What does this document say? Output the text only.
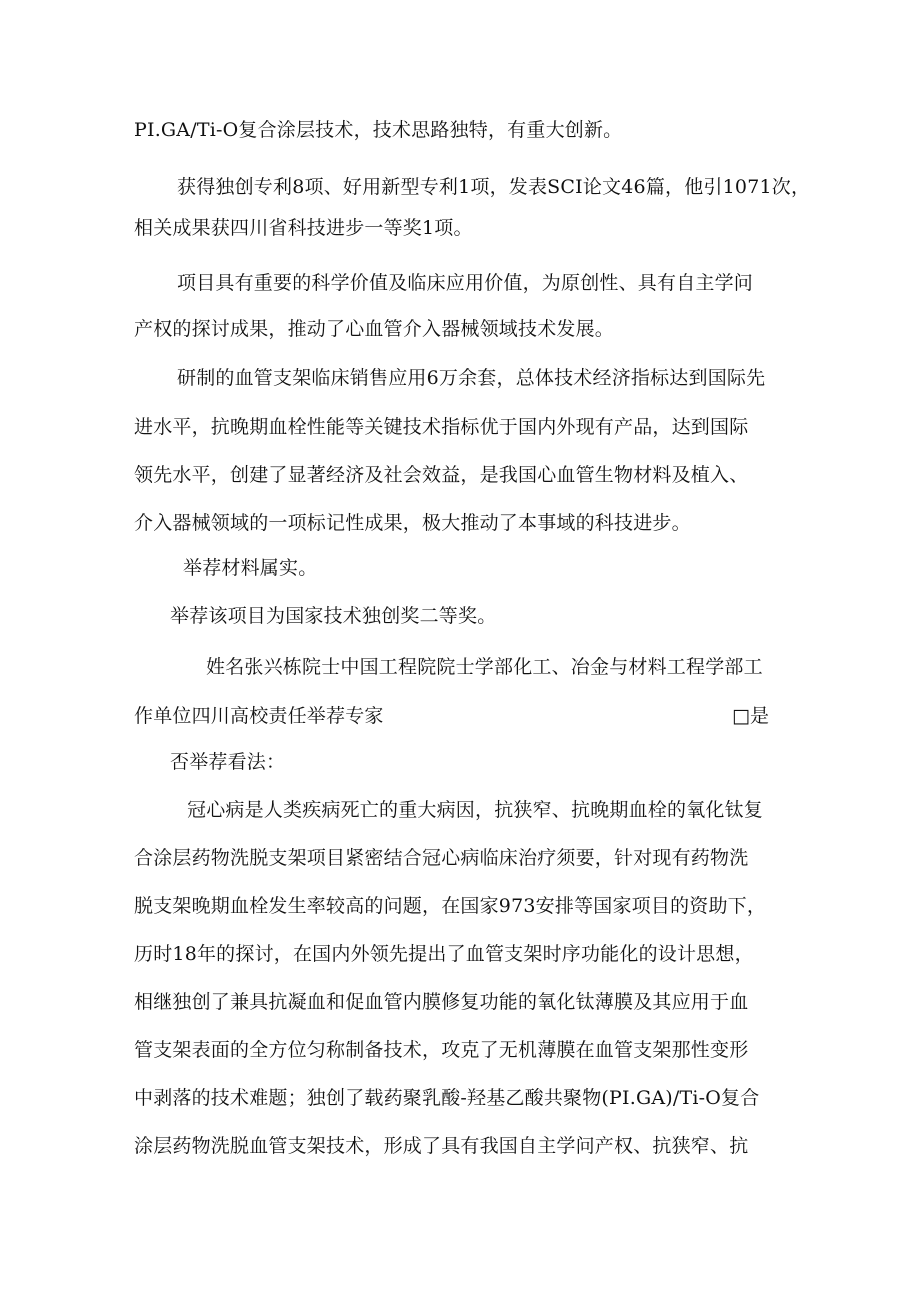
PI.GA/Ti-O复合涂层技术，技术思路独特，有重大创新。

获得独创专利8项、好用新型专利1项，发表SCI论文46篇，他引1071次，

相关成果获四川省科技进步一等奖1项。

项目具有重要的科学价值及临床应用价值，为原创性、具有自主学问

产权的探讨成果，推动了心血管介入器械领域技术发展。

研制的血管支架临床销售应用6万余套，总体技术经济指标达到国际先

进水平，抗晚期血栓性能等关键技术指标优于国内外现有产品，达到国际

领先水平，创建了显著经济及社会效益，是我国心血管生物材料及植入、

介入器械领域的一项标记性成果，极大推动了本事域的科技进步。

举荐材料属实。

举荐该项目为国家技术独创奖二等奖。

姓名张兴栋院士中国工程院院士学部化工、冶金与材料工程学部工

作单位四川高校责任举荐专家	□是

否举荐看法：

冠心病是人类疾病死亡的重大病因，抗狭窄、抗晚期血栓的氧化钛复

合涂层药物洗脱支架项目紧密结合冠心病临床治疗须要，针对现有药物洗

脱支架晚期血栓发生率较高的问题，在国家973安排等国家项目的资助下，

历时18年的探讨，在国内外领先提出了血管支架时序功能化的设计思想，

相继独创了兼具抗凝血和促血管内膜修复功能的氧化钛薄膜及其应用于血

管支架表面的全方位匀称制备技术，攻克了无机薄膜在血管支架那性变形

中剥落的技术难题；独创了载药聚乳酸-羟基乙酸共聚物(PI.GA)/Ti-O复合

涂层药物洗脱血管支架技术，形成了具有我国自主学问产权、抗狭窄、抗
